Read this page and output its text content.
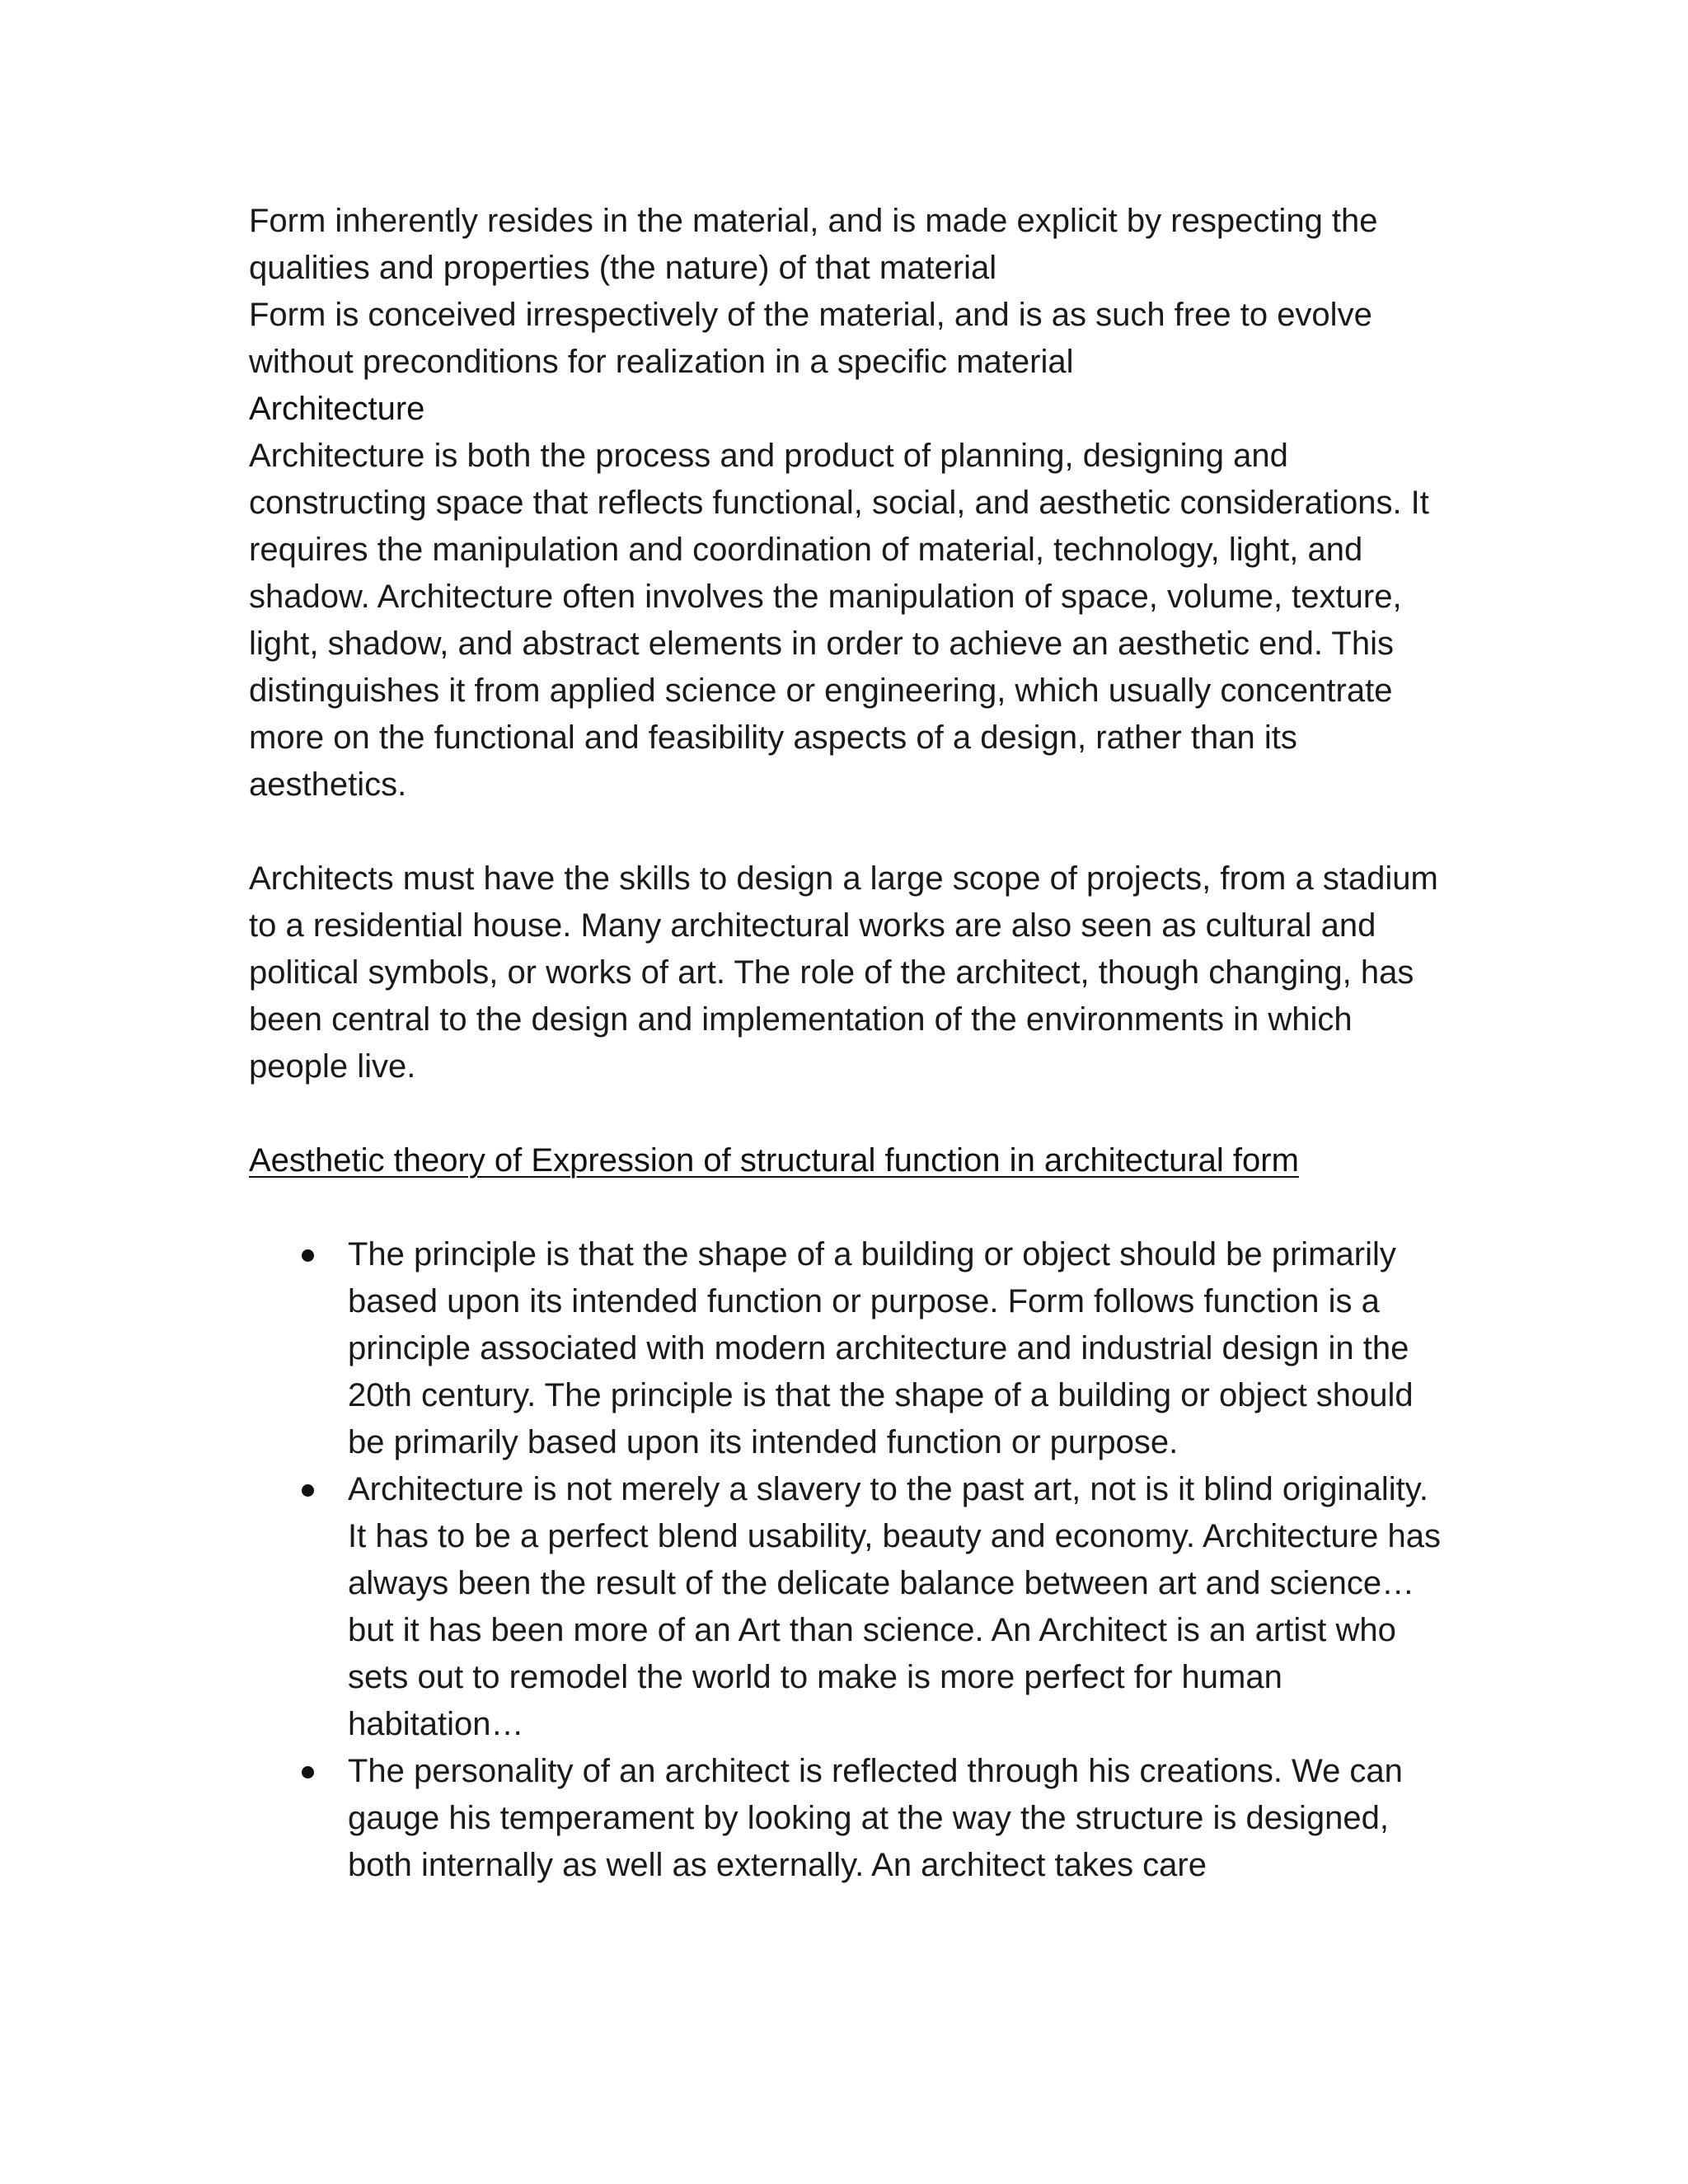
Form inherently resides in the material, and is made explicit by respecting the qualities and properties (the nature) of that material

Form is conceived irrespectively of the material, and is as such free to evolve without preconditions for realization in a specific material

Architecture

Architecture is both the process and product of planning, designing and constructing space that reflects functional, social, and aesthetic considerations. It requires the manipulation and coordination of material, technology, light, and shadow. Architecture often involves the manipulation of space, volume, texture, light, shadow, and abstract elements in order to achieve an aesthetic end. This distinguishes it from applied science or engineering, which usually concentrate more on the functional and feasibility aspects of a design, rather than its aesthetics.

Architects must have the skills to design a large scope of projects, from a stadium to a residential house. Many architectural works are also seen as cultural and political symbols, or works of art. The role of the architect, though changing, has been central to the design and implementation of the environments in which people live.

Aesthetic theory of Expression of structural function in architectural form

The principle is that the shape of a building or object should be primarily based upon its intended function or purpose. Form follows function is a principle associated with modern architecture and industrial design in the 20th century. The principle is that the shape of a building or object should be primarily based upon its intended function or purpose.
Architecture is not merely a slavery to the past art, not is it blind originality. It has to be a perfect blend usability, beauty and economy. Architecture has always been the result of the delicate balance between art and science… but it has been more of an Art than science. An Architect is an artist who sets out to remodel the world to make is more perfect for human habitation…
The personality of an architect is reflected through his creations. We can gauge his temperament by looking at the way the structure is designed, both internally as well as externally. An architect takes care
